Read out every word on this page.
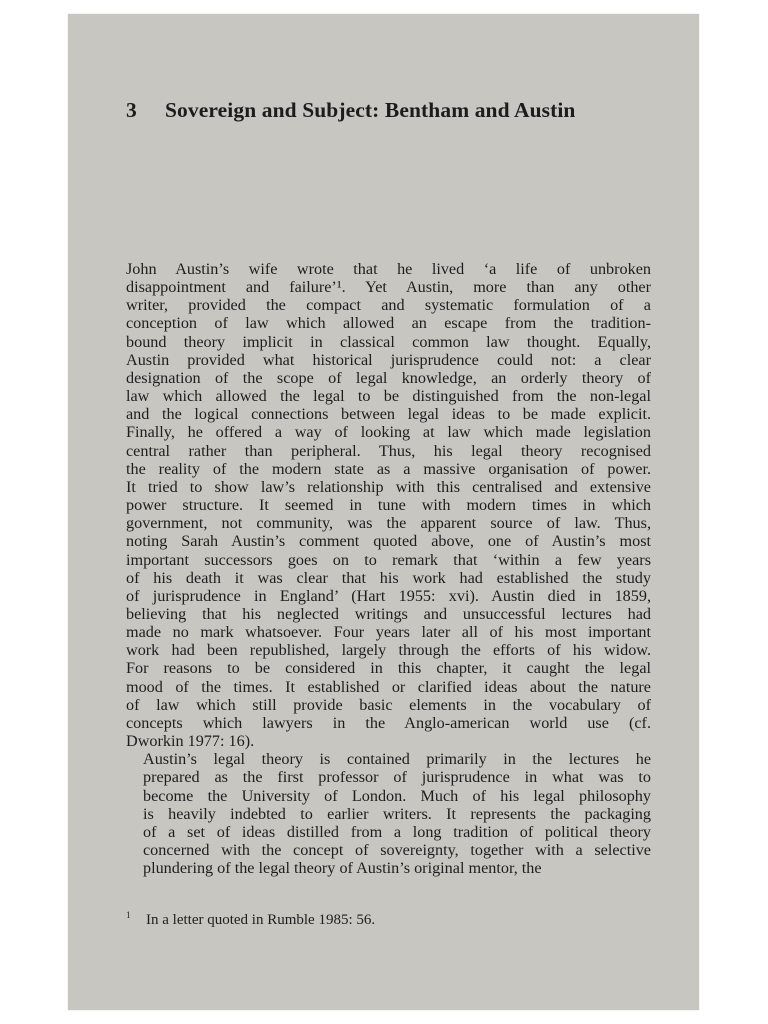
3 Sovereign and Subject: Bentham and Austin
John Austin’s wife wrote that he lived ‘a life of unbroken
disappointment and failure’¹. Yet Austin, more than any other
writer, provided the compact and systematic formulation of a
conception of law which allowed an escape from the tradition-
bound theory implicit in classical common law thought. Equally,
Austin provided what historical jurisprudence could not: a clear
designation of the scope of legal knowledge, an orderly theory of
law which allowed the legal to be distinguished from the non-legal
and the logical connections between legal ideas to be made explicit.
Finally, he offered a way of looking at law which made legislation
central rather than peripheral. Thus, his legal theory recognised
the reality of the modern state as a massive organisation of power.
It tried to show law’s relationship with this centralised and extensive
power structure. It seemed in tune with modern times in which
government, not community, was the apparent source of law. Thus,
noting Sarah Austin’s comment quoted above, one of Austin’s most
important successors goes on to remark that ‘within a few years
of his death it was clear that his work had established the study
of jurisprudence in England’ (Hart 1955: xvi). Austin died in 1859,
believing that his neglected writings and unsuccessful lectures had
made no mark whatsoever. Four years later all of his most important
work had been republished, largely through the efforts of his widow.
For reasons to be considered in this chapter, it caught the legal
mood of the times. It established or clarified ideas about the nature
of law which still provide basic elements in the vocabulary of
concepts which lawyers in the Anglo-american world use (cf.
Dworkin 1977: 16).
Austin’s legal theory is contained primarily in the lectures he
prepared as the first professor of jurisprudence in what was to
become the University of London. Much of his legal philosophy
is heavily indebted to earlier writers. It represents the packaging
of a set of ideas distilled from a long tradition of political theory
concerned with the concept of sovereignty, together with a selective
plundering of the legal theory of Austin’s original mentor, the
1 In a letter quoted in Rumble 1985: 56.
